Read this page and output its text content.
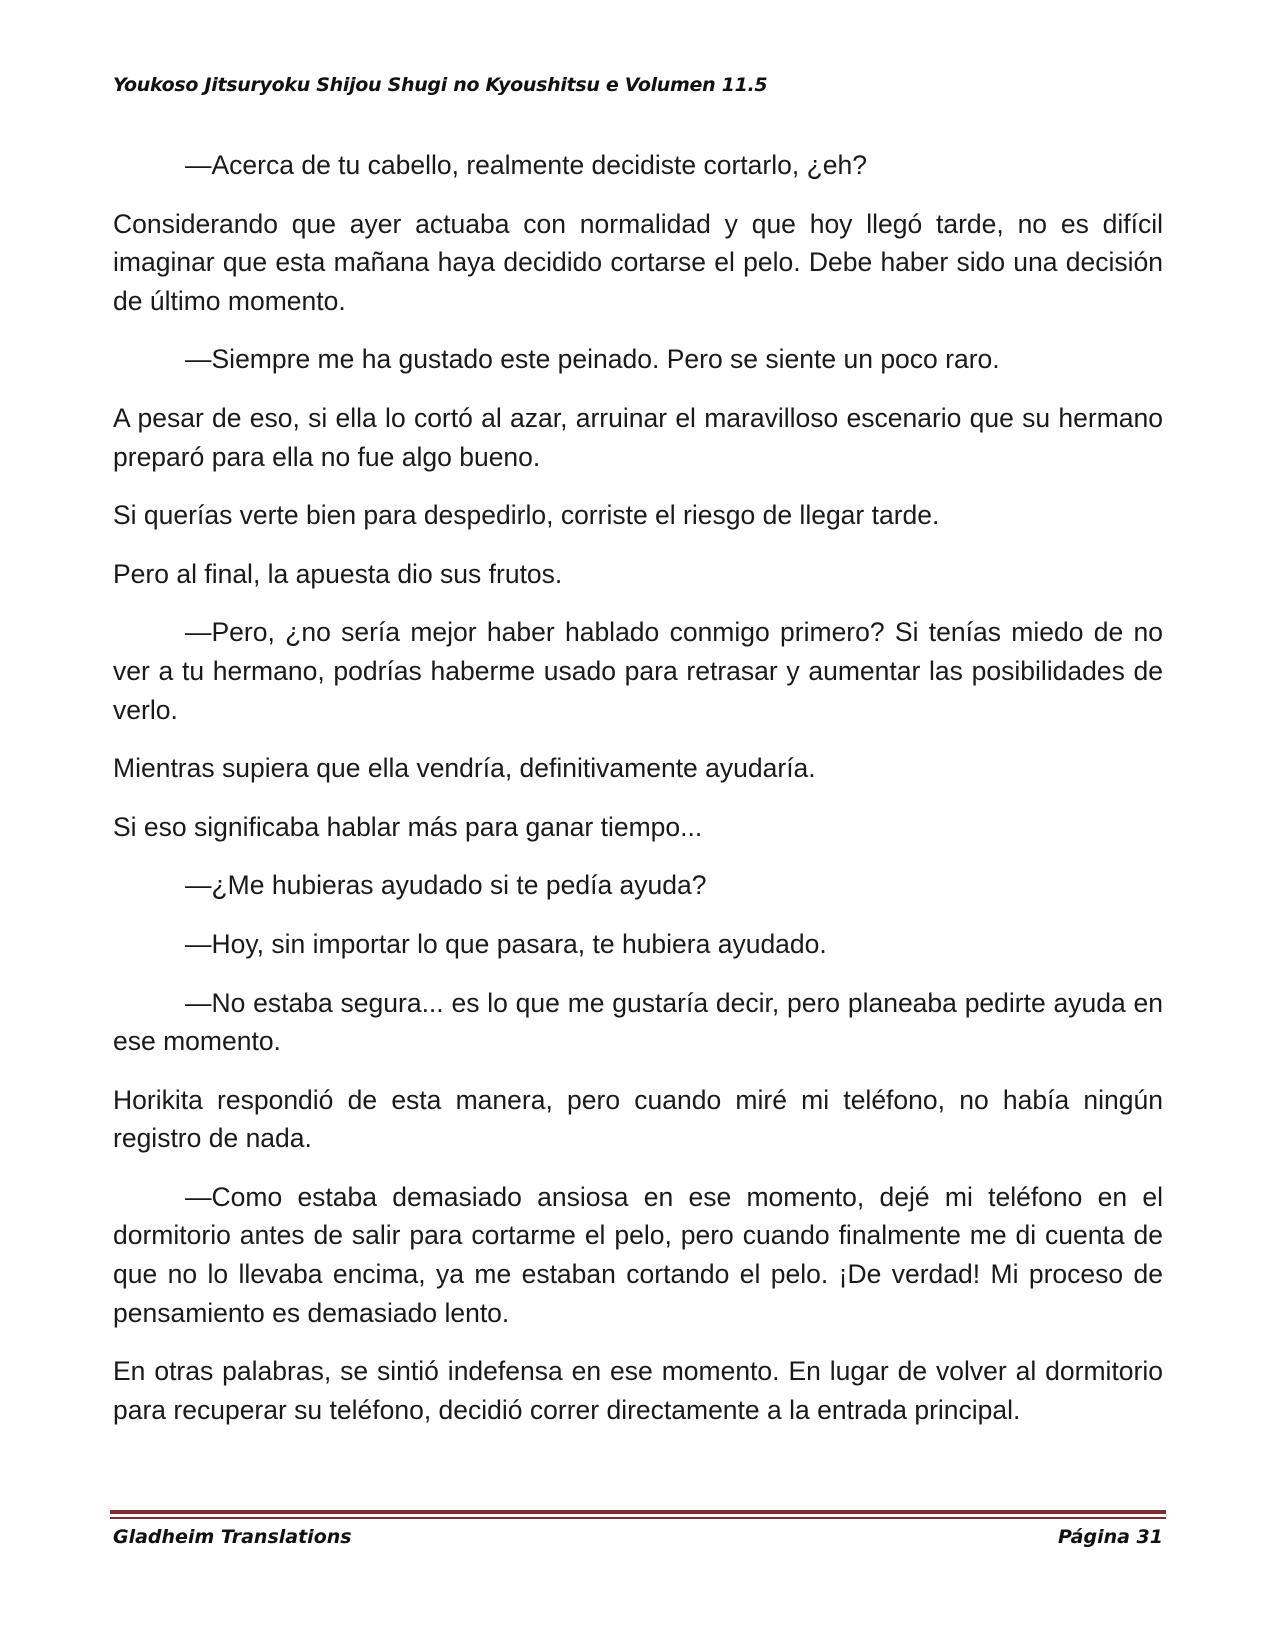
Youkoso Jitsuryoku Shijou Shugi no Kyoushitsu e Volumen 11.5

—Acerca de tu cabello, realmente decidiste cortarlo, ¿eh?

Considerando que ayer actuaba con normalidad y que hoy llegó tarde, no es difícil imaginar que esta mañana haya decidido cortarse el pelo. Debe haber sido una decisión de último momento.

—Siempre me ha gustado este peinado. Pero se siente un poco raro.

A pesar de eso, si ella lo cortó al azar, arruinar el maravilloso escenario que su hermano preparó para ella no fue algo bueno.

Si querías verte bien para despedirlo, corriste el riesgo de llegar tarde.

Pero al final, la apuesta dio sus frutos.

—Pero, ¿no sería mejor haber hablado conmigo primero? Si tenías miedo de no ver a tu hermano, podrías haberme usado para retrasar y aumentar las posibilidades de verlo.

Mientras supiera que ella vendría, definitivamente ayudaría.

Si eso significaba hablar más para ganar tiempo...

—¿Me hubieras ayudado si te pedía ayuda?

—Hoy, sin importar lo que pasara, te hubiera ayudado.

—No estaba segura... es lo que me gustaría decir, pero planeaba pedirte ayuda en ese momento.

Horikita respondió de esta manera, pero cuando miré mi teléfono, no había ningún registro de nada.

—Como estaba demasiado ansiosa en ese momento, dejé mi teléfono en el dormitorio antes de salir para cortarme el pelo, pero cuando finalmente me di cuenta de que no lo llevaba encima, ya me estaban cortando el pelo. ¡De verdad! Mi proceso de pensamiento es demasiado lento.

En otras palabras, se sintió indefensa en ese momento. En lugar de volver al dormitorio para recuperar su teléfono, decidió correr directamente a la entrada principal.

Gladheim Translations	Página 31
